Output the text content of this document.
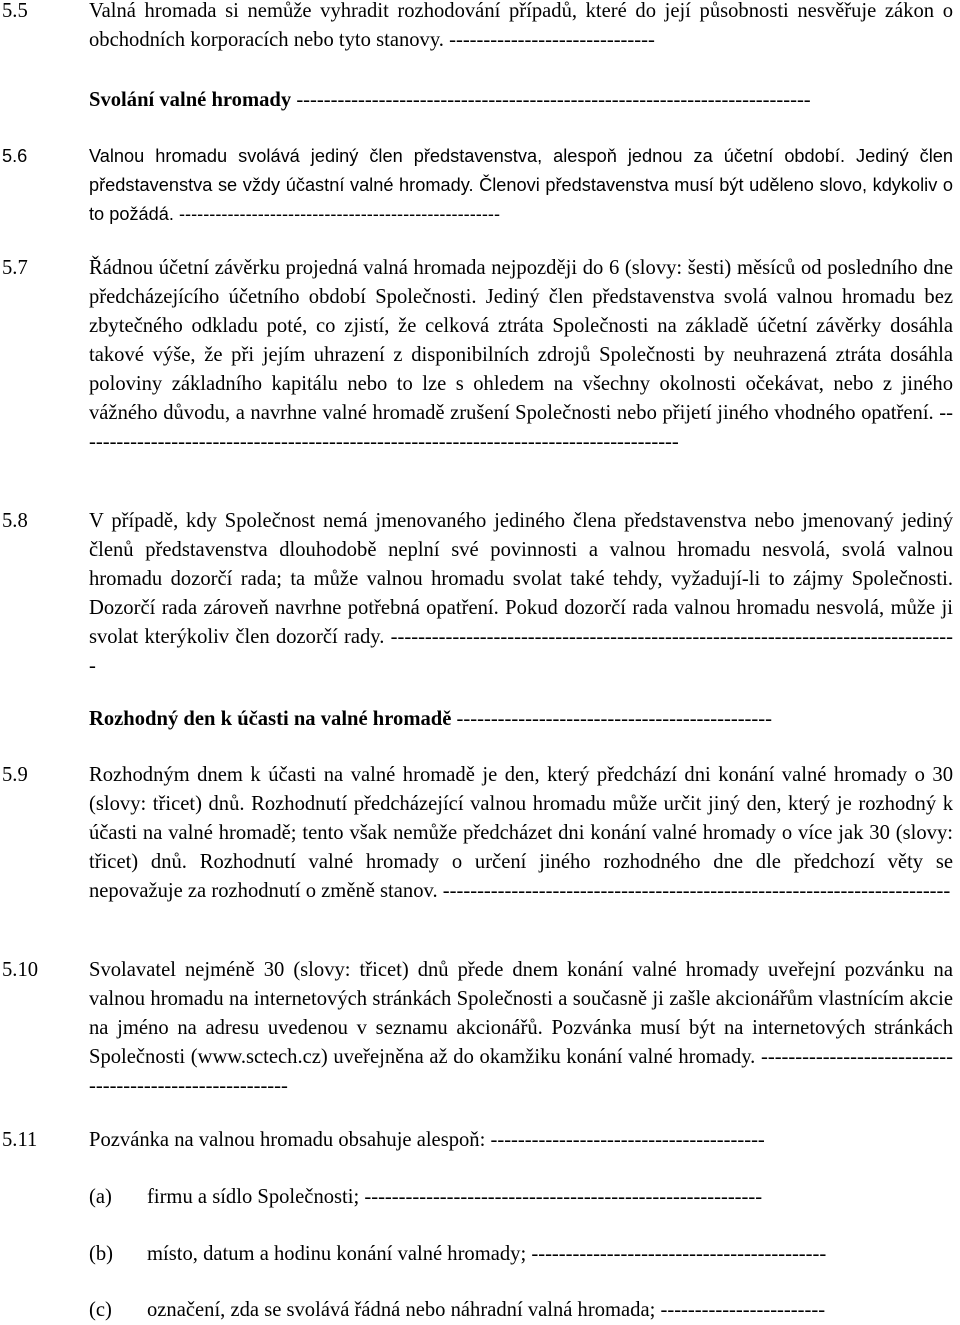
5.5	Valná hromada si nemůže vyhradit rozhodování případů, které do její působnosti nesvěřuje zákon o obchodních korporacích nebo tyto stanovy. ------------------------------
Svolání valné hromady ---------------------------------------------------------------------------
5.6	Valnou hromadu svolává jediný člen představenstva, alespoň jednou za účetní období. Jediný člen představenstva se vždy účastní valné hromady. Členovi představenstva musí být uděleno slovo, kdykoliv o to požádá. -----------------------------------------------------
5.7	Řádnou účetní závěrku projedná valná hromada nejpozději do 6 (slovy: šesti) měsíců od posledního dne předcházejícího účetního období Společnosti. Jediný člen představenstva svolá valnou hromadu bez zbytečného odkladu poté, co zjistí, že celková ztráta Společnosti na základě účetní závěrky dosáhla takové výše, že při jejím uhrazení z disponibilních zdrojů Společnosti by neuhrazená ztráta dosáhla poloviny základního kapitálu nebo to lze s ohledem na všechny okolnosti očekávat, nebo z jiného vážného důvodu, a navrhne valné hromadě zrušení Společnosti nebo přijetí jiného vhodného opatření. ----------------------------------------------------------------------------------------
5.8	V případě, kdy Společnost nemá jmenovaného jediného člena představenstva nebo jmenovaný jediný členů představenstva dlouhodobě neplní své povinnosti a valnou hromadu nesvolá, svolá valnou hromadu dozorčí rada; ta může valnou hromadu svolat také tehdy, vyžadují-li to zájmy Společnosti. Dozorčí rada zároveň navrhne potřebná opatření. Pokud dozorčí rada valnou hromadu nesvolá, může ji svolat kterýkoliv člen dozorčí rady. -----------------------------------------------------------------------------------
Rozhodný den k účasti na valné hromadě ----------------------------------------------
5.9	Rozhodným dnem k účasti na valné hromadě je den, který předchází dni konání valné hromady o 30 (slovy: třicet) dnů. Rozhodnutí předcházející valnou hromadu může určit jiný den, který je rozhodný k účasti na valné hromadě; tento však nemůže předcházet dni konání valné hromady o více jak 30 (slovy: třicet) dnů. Rozhodnutí valné hromady o určení jiného rozhodného dne dle předchozí věty se nepovažuje za rozhodnutí o změně stanov. --------------------------------------------------------------------------
5.10 Svolavatel nejméně 30 (slovy: třicet) dnů přede dnem konání valné hromady uveřejní pozvánku na valnou hromadu na internetových stránkách Společnosti a současně ji zašle akcionářům vlastnícím akcie na jméno na adresu uvedenou v seznamu akcionářů. Pozvánka musí být na internetových stránkách Společnosti (www.sctech.cz) uveřejněna až do okamžiku konání valné hromady. ---------------------------------------------------------
5.11	Pozvánka na valnou hromadu obsahuje alespoň: ----------------------------------------
(a) firmu a sídlo Společnosti; ----------------------------------------------------------
(b) místo, datum a hodinu konání valné hromady; -------------------------------------------
(c) označení, zda se svolává řádná nebo náhradní valná hromada; ------------------------
